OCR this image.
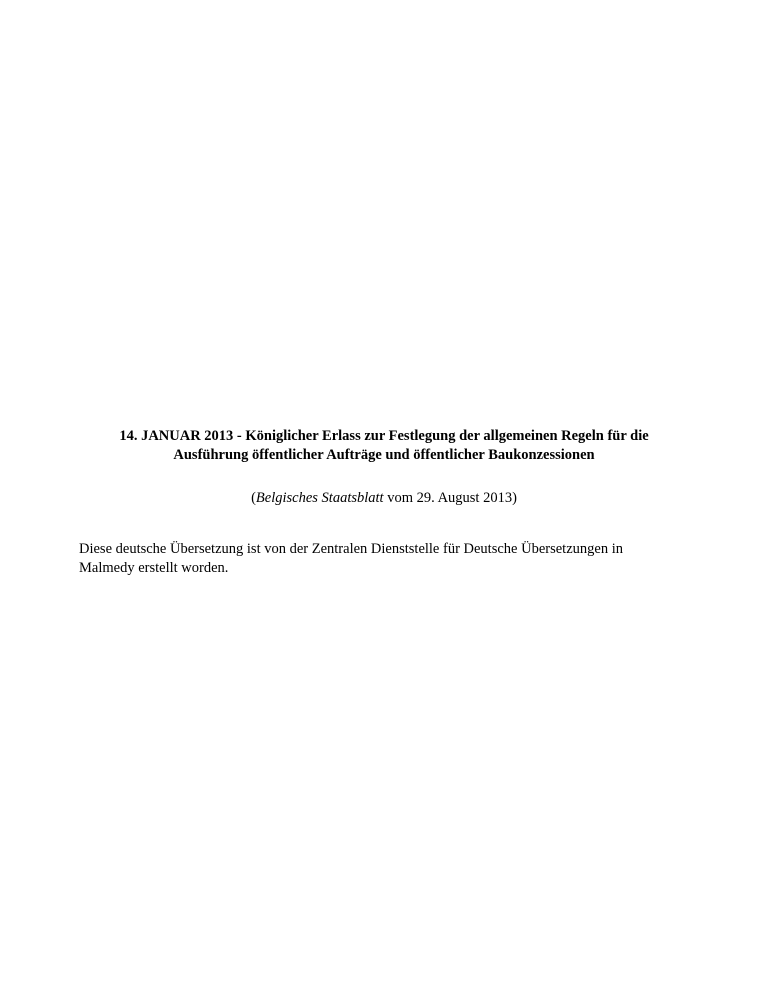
14. JANUAR 2013 - Königlicher Erlass zur Festlegung der allgemeinen Regeln für die
Ausführung öffentlicher Aufträge und öffentlicher Baukonzessionen

(Belgisches Staatsblatt vom 29. August 2013)

Diese deutsche Übersetzung ist von der Zentralen Dienststelle für Deutsche Übersetzungen in
Malmedy erstellt worden.
